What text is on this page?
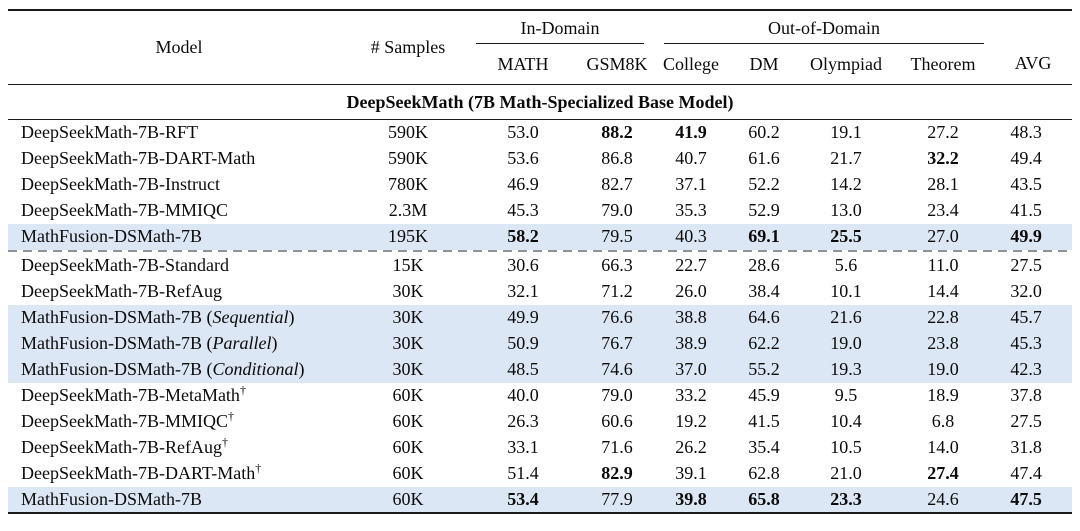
Model	# Samples	In-Domain		Out-of-Domain				AVG
		MATH	GSM8K	College	DM	Olympiad	Theorem	
DeepSeekMath (7B Math-Specialized Base Model)								
DeepSeekMath-7B-RFT	590K	53.0	88.2	41.9	60.2	19.1	27.2	48.3
DeepSeekMath-7B-DART-Math	590K	53.6	86.8	40.7	61.6	21.7	32.2	49.4
DeepSeekMath-7B-Instruct	780K	46.9	82.7	37.1	52.2	14.2	28.1	43.5
DeepSeekMath-7B-MMIQC	2.3M	45.3	79.0	35.3	52.9	13.0	23.4	41.5
MathFusion-DSMath-7B	195K	58.2	79.5	40.3	69.1	25.5	27.0	49.9

DeepSeekMath-7B-Standard	15K	30.6	66.3	22.7	28.6	5.6	11.0	27.5
DeepSeekMath-7B-RefAug	30K	32.1	71.2	26.0	38.4	10.1	14.4	32.0
MathFusion-DSMath-7B (Sequential)	30K	49.9	76.6	38.8	64.6	21.6	22.8	45.7
MathFusion-DSMath-7B (Parallel)	30K	50.9	76.7	38.9	62.2	19.0	23.8	45.3
MathFusion-DSMath-7B (Conditional)	30K	48.5	74.6	37.0	55.2	19.3	19.0	42.3
DeepSeekMath-7B-MetaMath†	60K	40.0	79.0	33.2	45.9	9.5	18.9	37.8
DeepSeekMath-7B-MMIQC†	60K	26.3	60.6	19.2	41.5	10.4	6.8	27.5
DeepSeekMath-7B-RefAug†	60K	33.1	71.6	26.2	35.4	10.5	14.0	31.8
DeepSeekMath-7B-DART-Math†	60K	51.4	82.9	39.1	62.8	21.0	27.4	47.4
MathFusion-DSMath-7B	60K	53.4	77.9	39.8	65.8	23.3	24.6	47.5
